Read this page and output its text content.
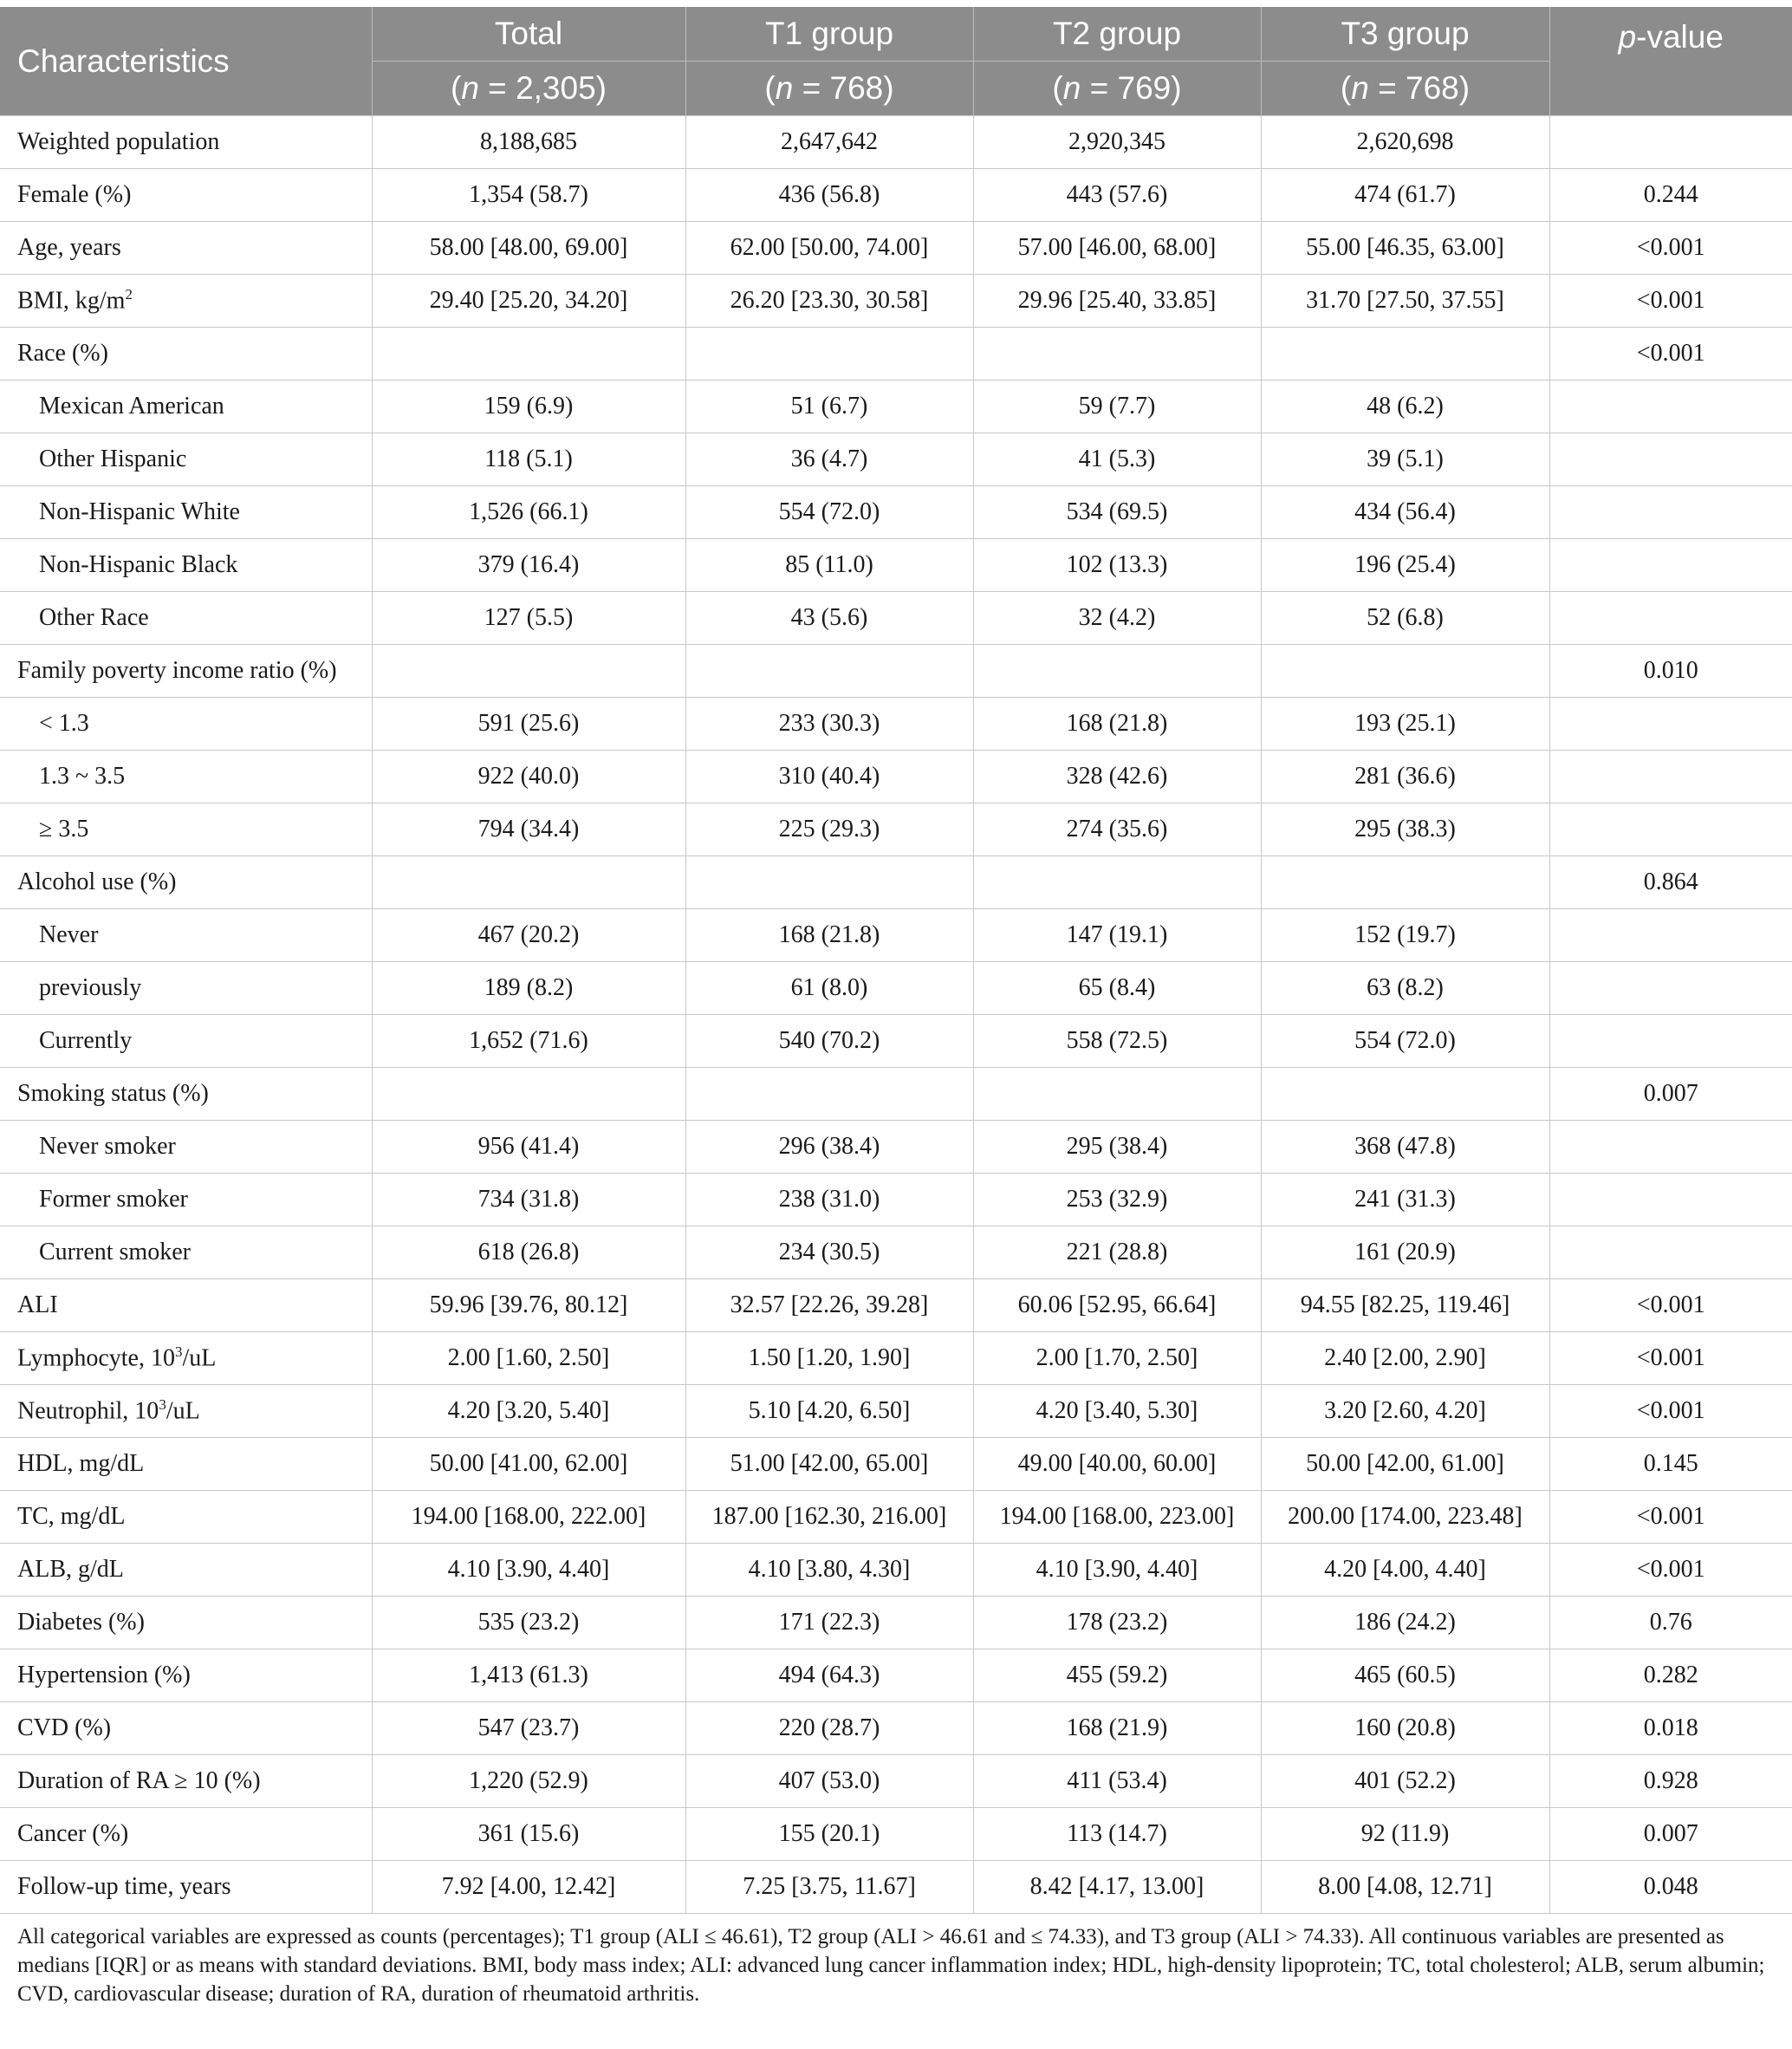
Characteristics	Total	T1 group	T2 group	T3 group	p-value
	(n = 2,305)	(n = 768)	(n = 769)	(n = 768)	
Weighted population	8,188,685	2,647,642	2,920,345	2,620,698	
Female (%)	1,354 (58.7)	436 (56.8)	443 (57.6)	474 (61.7)	0.244
Age, years	58.00 [48.00, 69.00]	62.00 [50.00, 74.00]	57.00 [46.00, 68.00]	55.00 [46.35, 63.00]	<0.001
BMI, $kg/m^2$	29.40 [25.20, 34.20]	26.20 [23.30, 30.58]	29.96 [25.40, 33.85]	31.70 [27.50, 37.55]	<0.001
Race (%)					<0.001
Mexican American	159 (6.9)	51 (6.7)	59 (7.7)	48 (6.2)	
Other Hispanic	118 (5.1)	36 (4.7)	41 (5.3)	39 (5.1)	
Non-Hispanic White	1,526 (66.1)	554 (72.0)	534 (69.5)	434 (56.4)	
Non-Hispanic Black	379 (16.4)	85 (11.0)	102 (13.3)	196 (25.4)	
Other Race	127 (5.5)	43 (5.6)	32 (4.2)	52 (6.8)	
Family poverty income ratio (%)					0.010
< 1.3	591 (25.6)	233 (30.3)	168 (21.8)	193 (25.1)	
1.3 ~ 3.5	922 (40.0)	310 (40.4)	328 (42.6)	281 (36.6)	
≥ 3.5	794 (34.4)	225 (29.3)	274 (35.6)	295 (38.3)	
Alcohol use (%)					0.864
Never	467 (20.2)	168 (21.8)	147 (19.1)	152 (19.7)	
previously	189 (8.2)	61 (8.0)	65 (8.4)	63 (8.2)	
Currently	1,652 (71.6)	540 (70.2)	558 (72.5)	554 (72.0)	
Smoking status (%)					0.007
Never smoker	956 (41.4)	296 (38.4)	295 (38.4)	368 (47.8)	
Former smoker	734 (31.8)	238 (31.0)	253 (32.9)	241 (31.3)	
Current smoker	618 (26.8)	234 (30.5)	221 (28.8)	161 (20.9)	
ALI	59.96 [39.76, 80.12]	32.57 [22.26, 39.28]	60.06 [52.95, 66.64]	94.55 [82.25, 119.46]	<0.001
Lymphocyte, $10^3/uL$	2.00 [1.60, 2.50]	1.50 [1.20, 1.90]	2.00 [1.70, 2.50]	2.40 [2.00, 2.90]	<0.001
Neutrophil, $10^3/uL$	4.20 [3.20, 5.40]	5.10 [4.20, 6.50]	4.20 [3.40, 5.30]	3.20 [2.60, 4.20]	<0.001
HDL, mg/dL	50.00 [41.00, 62.00]	51.00 [42.00, 65.00]	49.00 [40.00, 60.00]	50.00 [42.00, 61.00]	0.145
TC, mg/dL	194.00 [168.00, 222.00]	187.00 [162.30, 216.00]	194.00 [168.00, 223.00]	200.00 [174.00, 223.48]	<0.001
ALB, g/dL	4.10 [3.90, 4.40]	4.10 [3.80, 4.30]	4.10 [3.90, 4.40]	4.20 [4.00, 4.40]	<0.001
Diabetes (%)	535 (23.2)	171 (22.3)	178 (23.2)	186 (24.2)	0.76
Hypertension (%)	1,413 (61.3)	494 (64.3)	455 (59.2)	465 (60.5)	0.282
CVD (%)	547 (23.7)	220 (28.7)	168 (21.9)	160 (20.8)	0.018
Duration of RA ≥ 10 (%)	1,220 (52.9)	407 (53.0)	411 (53.4)	401 (52.2)	0.928
Cancer (%)	361 (15.6)	155 (20.1)	113 (14.7)	92 (11.9)	0.007
Follow-up time, years	7.92 [4.00, 12.42]	7.25 [3.75, 11.67]	8.42 [4.17, 13.00]	8.00 [4.08, 12.71]	0.048

All categorical variables are expressed as counts (percentages); T1 group (ALI ≤ 46.61), T2 group (ALI > 46.61 and ≤ 74.33), and T3 group (ALI > 74.33). All continuous variables are presented as medians [IQR] or as means with standard deviations. BMI, body mass index; ALI: advanced lung cancer inflammation index; HDL, high-density lipoprotein; TC, total cholesterol; ALB, serum albumin; CVD, cardiovascular disease; duration of RA, duration of rheumatoid arthritis.
